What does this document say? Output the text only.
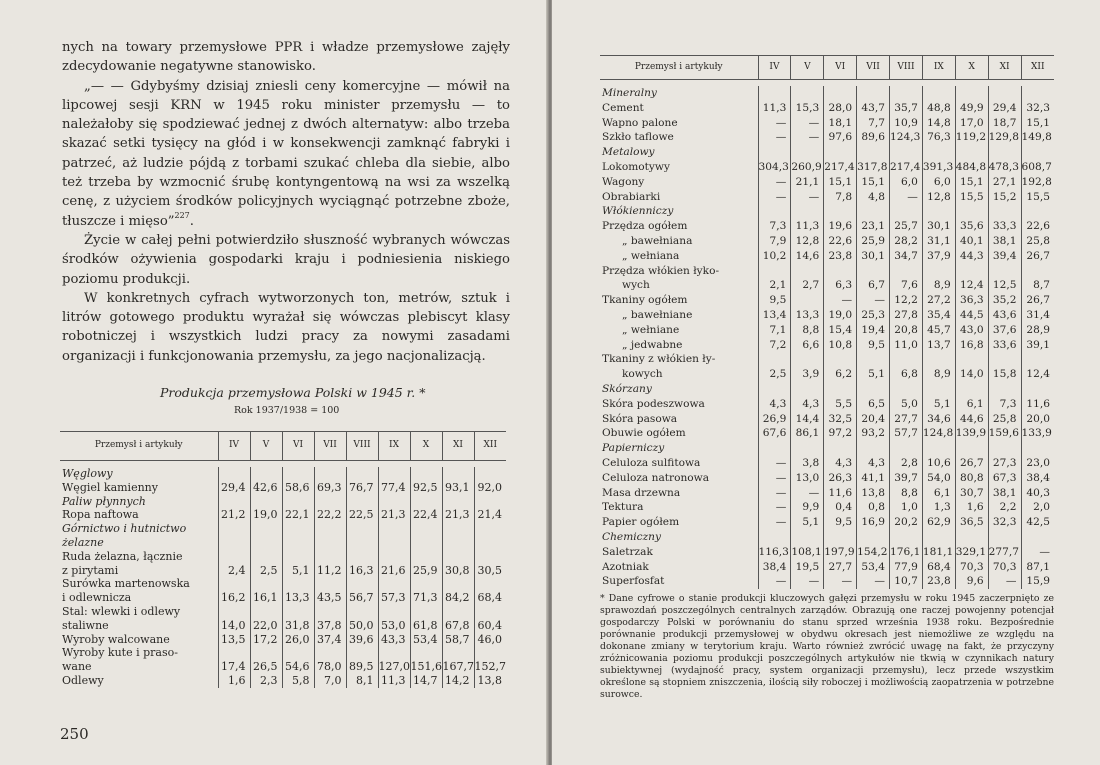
nych na towary przemysłowe PPR i władze przemysłowe zajęły zdecydowanie negatywne stanowisko.

„— — Gdybyśmy dzisiaj zniesli ceny komercyjne — mówił na lipcowej sesji KRN w 1945 roku minister przemysłu — to należałoby się spodziewać jednej z dwóch alternatyw: albo trzeba skazać setki tysięcy na głód i w konsekwencji zamknąć fabryki i patrzeć, aż ludzie pójdą z torbami szukać chleba dla siebie, albo też trzeba by wzmocnić śrubę kontyngentową na wsi za wszelką cenę, z użyciem środków policyjnych wyciągnąć potrzebne zboże, tłuszcze i mięso”$^{227}$.

Życie w całej pełni potwierdziło słuszność wybranych wówczas środków ożywienia gospodarki kraju i podniesienia niskiego poziomu produkcji.

W konkretnych cyfrach wytworzonych ton, metrów, sztuk i litrów gotowego produktu wyrażał się wówczas plebiscyt klasy robotniczej i wszystkich ludzi pracy za nowymi zasadami organizacji i funkcjonowania przemysłu, za jego nacjonalizacją.

Produkcja przemysłowa Polski w 1945 r. *
Rok 1937/1938 = 100
Przemysł i artykuły	IV	V	VI	VII	VIII	IX	X	XI	XII

Węglowy									
Węgiel kamienny	29,4	42,6	58,6	69,3	76,7	77,4	92,5	93,1	92,0
Paliw płynnych									
Ropa naftowa	21,2	19,0	22,1	22,2	22,5	21,3	22,4	21,3	21,4
Górnictwo i hutnictwo									
żelazne									
Ruda żelazna, łącznie									
z pirytami	2,4	2,5	5,1	11,2	16,3	21,6	25,9	30,8	30,5
Surówka martenowska									
i odlewnicza	16,2	16,1	13,3	43,5	56,7	57,3	71,3	84,2	68,4
Stal: wlewki i odlewy									
staliwne	14,0	22,0	31,8	37,8	50,0	53,0	61,8	67,8	60,4
Wyroby walcowane	13,5	17,2	26,0	37,4	39,6	43,3	53,4	58,7	46,0
Wyroby kute i praso-									
wane	17,4	26,5	54,6	78,0	89,5	127,0	151,6	167,7	152,7
Odlewy	1,6	2,3	5,8	7,0	8,1	11,3	14,7	14,2	13,8
250
Przemysł i artykuły	IV	V	VI	VII	VIII	IX	X	XI	XII

Mineralny									
Cement	11,3	15,3	28,0	43,7	35,7	48,8	49,9	29,4	32,3
Wapno palone	—	—	18,1	7,7	10,9	14,8	17,0	18,7	15,1
Szkło taflowe	—	—	97,6	89,6	124,3	76,3	119,2	129,8	149,8
Metalowy									
Lokomotywy	304,3	260,9	217,4	317,8	217,4	391,3	484,8	478,3	608,7
Wagony	—	21,1	15,1	15,1	6,0	6,0	15,1	27,1	192,8
Obrabiarki	—	—	7,8	4,8	—	12,8	15,5	15,2	15,5
Włókienniczy									
Przędza ogółem	7,3	11,3	19,6	23,1	25,7	30,1	35,6	33,3	22,6
„ bawełniana	7,9	12,8	22,6	25,9	28,2	31,1	40,1	38,1	25,8
„ wełniana	10,2	14,6	23,8	30,1	34,7	37,9	44,3	39,4	26,7
Przędza włókien łyko-									
wych	2,1	2,7	6,3	6,7	7,6	8,9	12,4	12,5	8,7
Tkaniny ogółem	9,5		—	—	12,2	27,2	36,3	35,2	26,7
„ bawełniane	13,4	13,3	19,0	25,3	27,8	35,4	44,5	43,6	31,4
„ wełniane	7,1	8,8	15,4	19,4	20,8	45,7	43,0	37,6	28,9
„ jedwabne	7,2	6,6	10,8	9,5	11,0	13,7	16,8	33,6	39,1
Tkaniny z włókien ły-									
kowych	2,5	3,9	6,2	5,1	6,8	8,9	14,0	15,8	12,4
Skórzany									
Skóra podeszwowa	4,3	4,3	5,5	6,5	5,0	5,1	6,1	7,3	11,6
Skóra pasowa	26,9	14,4	32,5	20,4	27,7	34,6	44,6	25,8	20,0
Obuwie ogółem	67,6	86,1	97,2	93,2	57,7	124,8	139,9	159,6	133,9
Papierniczy									
Celuloza sulfitowa	—	3,8	4,3	4,3	2,8	10,6	26,7	27,3	23,0
Celuloza natronowa	—	13,0	26,3	41,1	39,7	54,0	80,8	67,3	38,4
Masa drzewna	—	—	11,6	13,8	8,8	6,1	30,7	38,1	40,3
Tektura	—	9,9	0,4	0,8	1,0	1,3	1,6	2,2	2,0
Papier ogółem	—	5,1	9,5	16,9	20,2	62,9	36,5	32,3	42,5
Chemiczny									
Saletrzak	116,3	108,1	197,9	154,2	176,1	181,1	329,1	277,7	—
Azotniak	38,4	19,5	27,7	53,4	77,9	68,4	70,3	70,3	87,1
Superfosfat	—	—	—	—	10,7	23,8	9,6	—	15,9
* Dane cyfrowe o stanie produkcji kluczowych gałęzi przemysłu w roku 1945 zaczerpnięto ze sprawozdań poszczególnych centralnych zarządów. Obrazują one raczej powojenny potencjał gospodarczy Polski w porównaniu do stanu sprzed września 1938 roku. Bezpośrednie porównanie produkcji przemysłowej w obydwu okresach jest niemożliwe ze względu na dokonane zmiany w terytorium kraju. Warto również zwrócić uwagę na fakt, że przyczyny zróżnicowania poziomu produkcji poszczególnych artykułów nie tkwią w czynnikach natury subiektywnej (wydajność pracy, system organizacji przemysłu), lecz przede wszystkim określone są stopniem zniszczenia, ilością siły roboczej i możliwością zaopatrzenia w potrzebne surowce.									
